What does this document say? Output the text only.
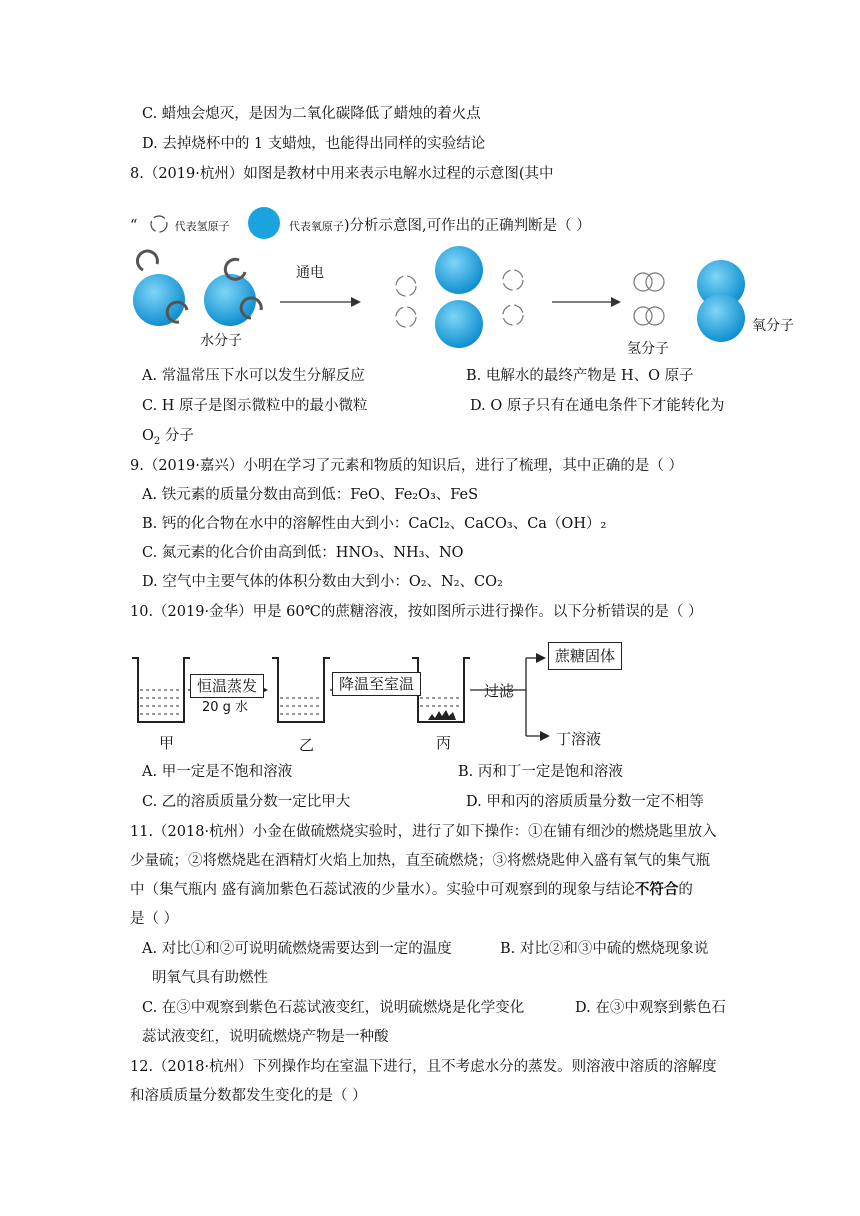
C. 蜡烛会熄灭，是因为二氧化碳降低了蜡烛的着火点
D. 去掉烧杯中的 1 支蜡烛，也能得出同样的实验结论
8.（2019·杭州）如图是教材中用来表示电解水过程的示意图(其中
“	代表氢原子	代表氧原子)分析示意图,可作出的正确判断是（ ）
通电
水分子	氢分子
氧分子
A. 常温常压下水可以发生分解反应	B. 电解水的最终产物是 H、O 原子
C. H 原子是图示微粒中的最小微粒	D. O 原子只有在通电条件下才能转化为
$O_2$ 分子
9.（2019·嘉兴）小明在学习了元素和物质的知识后，进行了梳理，其中正确的是（ ）
A. 铁元素的质量分数由高到低：FeO、Fe₂O₃、FeS
B. 钙的化合物在水中的溶解性由大到小：CaCl₂、CaCO₃、Ca（OH）₂
C. 氮元素的化合价由高到低：HNO₃、NH₃、NO
D. 空气中主要气体的体积分数由大到小：O₂、N₂、CO₂
10.（2019·金华）甲是 60℃的蔗糖溶液，按如图所示进行操作。以下分析错误的是（ ）
恒温蒸发
20 g 水
降温至室温	过滤
蔗糖固体
丁溶液
甲	乙	丙
A. 甲一定是不饱和溶液	B. 丙和丁一定是饱和溶液
C. 乙的溶质质量分数一定比甲大	D. 甲和丙的溶质质量分数一定不相等
11.（2018·杭州）小金在做硫燃烧实验时，进行了如下操作：①在铺有细沙的燃烧匙里放入
少量硫；②将燃烧匙在酒精灯火焰上加热，直至硫燃烧；③将燃烧匙伸入盛有氧气的集气瓶
中（集气瓶内 盛有滴加紫色石蕊试液的少量水）。实验中可观察到的现象与结论不符合的
是（ ）
A. 对比①和②可说明硫燃烧需要达到一定的温度	B. 对比②和③中硫的燃烧现象说
明氧气具有助燃性
C. 在③中观察到紫色石蕊试液变红，说明硫燃烧是化学变化	D. 在③中观察到紫色石
蕊试液变红，说明硫燃烧产物是一种酸
12.（2018·杭州）下列操作均在室温下进行，且不考虑水分的蒸发。则溶液中溶质的溶解度
和溶质质量分数都发生变化的是（ ）
